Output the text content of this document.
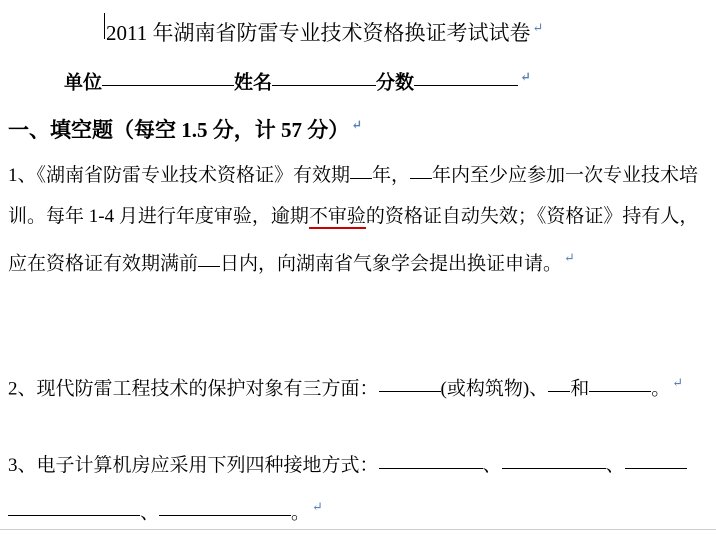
2011 年湖南省防雷专业技术资格换证考试试卷 ↵
单位	姓名	分数	↵
一、填空题（每空 1.5 分，计 57 分） ↵
1、《湖南省防雷专业技术资格证》有效期 年， 年内至少应参加一次专业技术培训。每年 1-4 月进行年度审验，逾期不审验的资格证自动失效；《资格证》持有人，应在资格证有效期满前 日内，向湖南省气象学会提出换证申请。 ↵
2、现代防雷工程技术的保护对象有三方面：	(或构筑物)、 和	。 ↵
3、电子计算机房应采用下列四种接地方式：	、	、、	。 ↵
